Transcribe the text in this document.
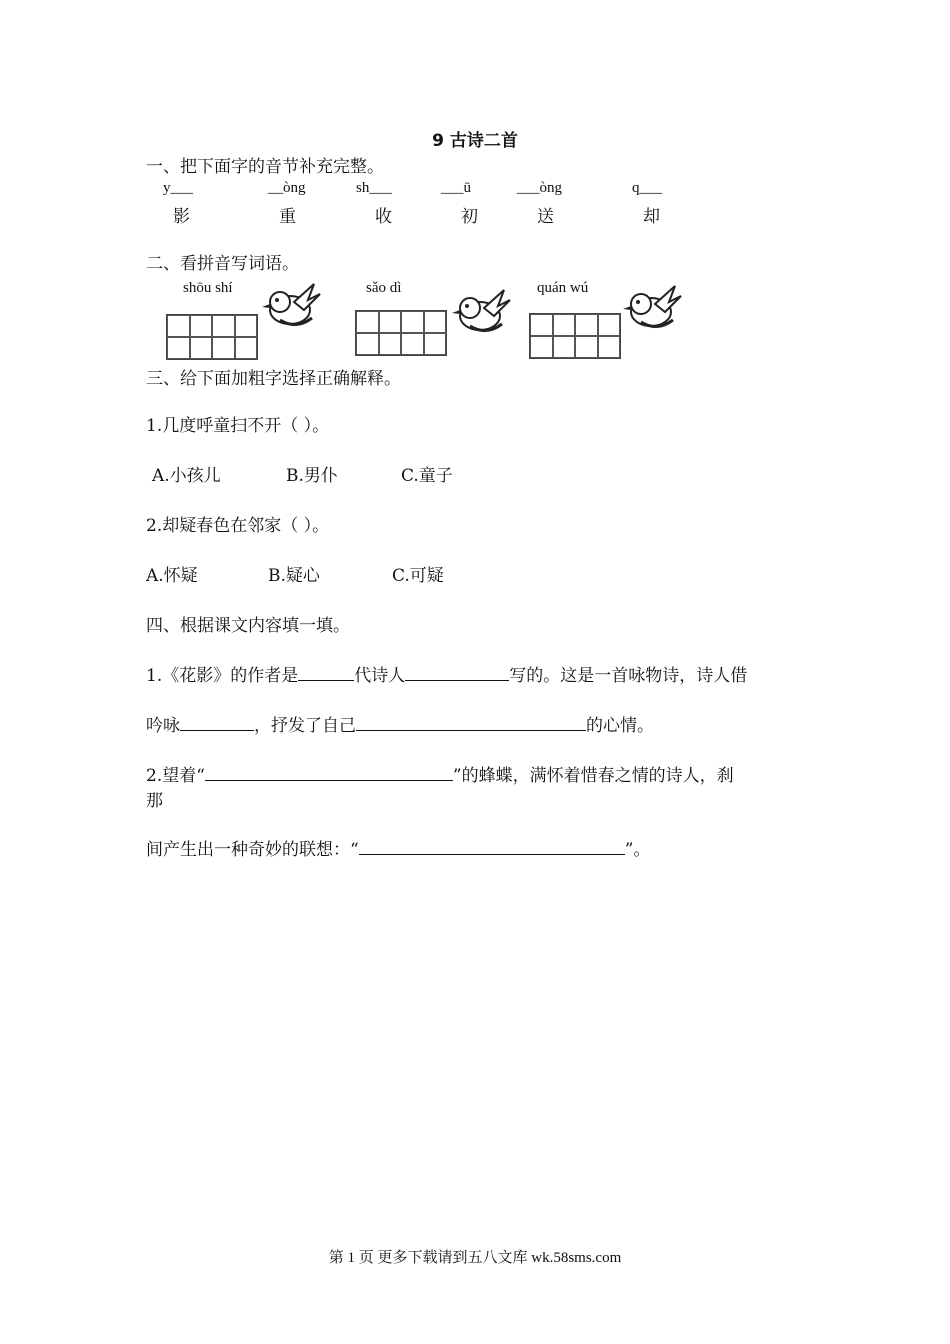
9 古诗二首
一、把下面字的音节补充完整。
y___	__òng	sh___	___ū	___òng	q___
影	重	收	初	送	却
二、看拼音写词语。
shōu shí	sǎo dì	quán wú
三、给下面加粗字选择正确解释。
1.几度呼童扫不开（ ）。
A.小孩儿	B.男仆	C.童子
2.却疑春色在邻家（ ）。
A.怀疑	B.疑心	C.可疑
四、根据课文内容填一填。
1.《花影》的作者是	代诗人	写的。这是一首咏物诗，诗人借
吟咏	，抒发了自己	的心情。
2.望着“	”的蜂蝶，满怀着惜春之情的诗人，刹
那
间产生出一种奇妙的联想：“	”。
第 1 页 更多下载请到五八文库 wk.58sms.com
